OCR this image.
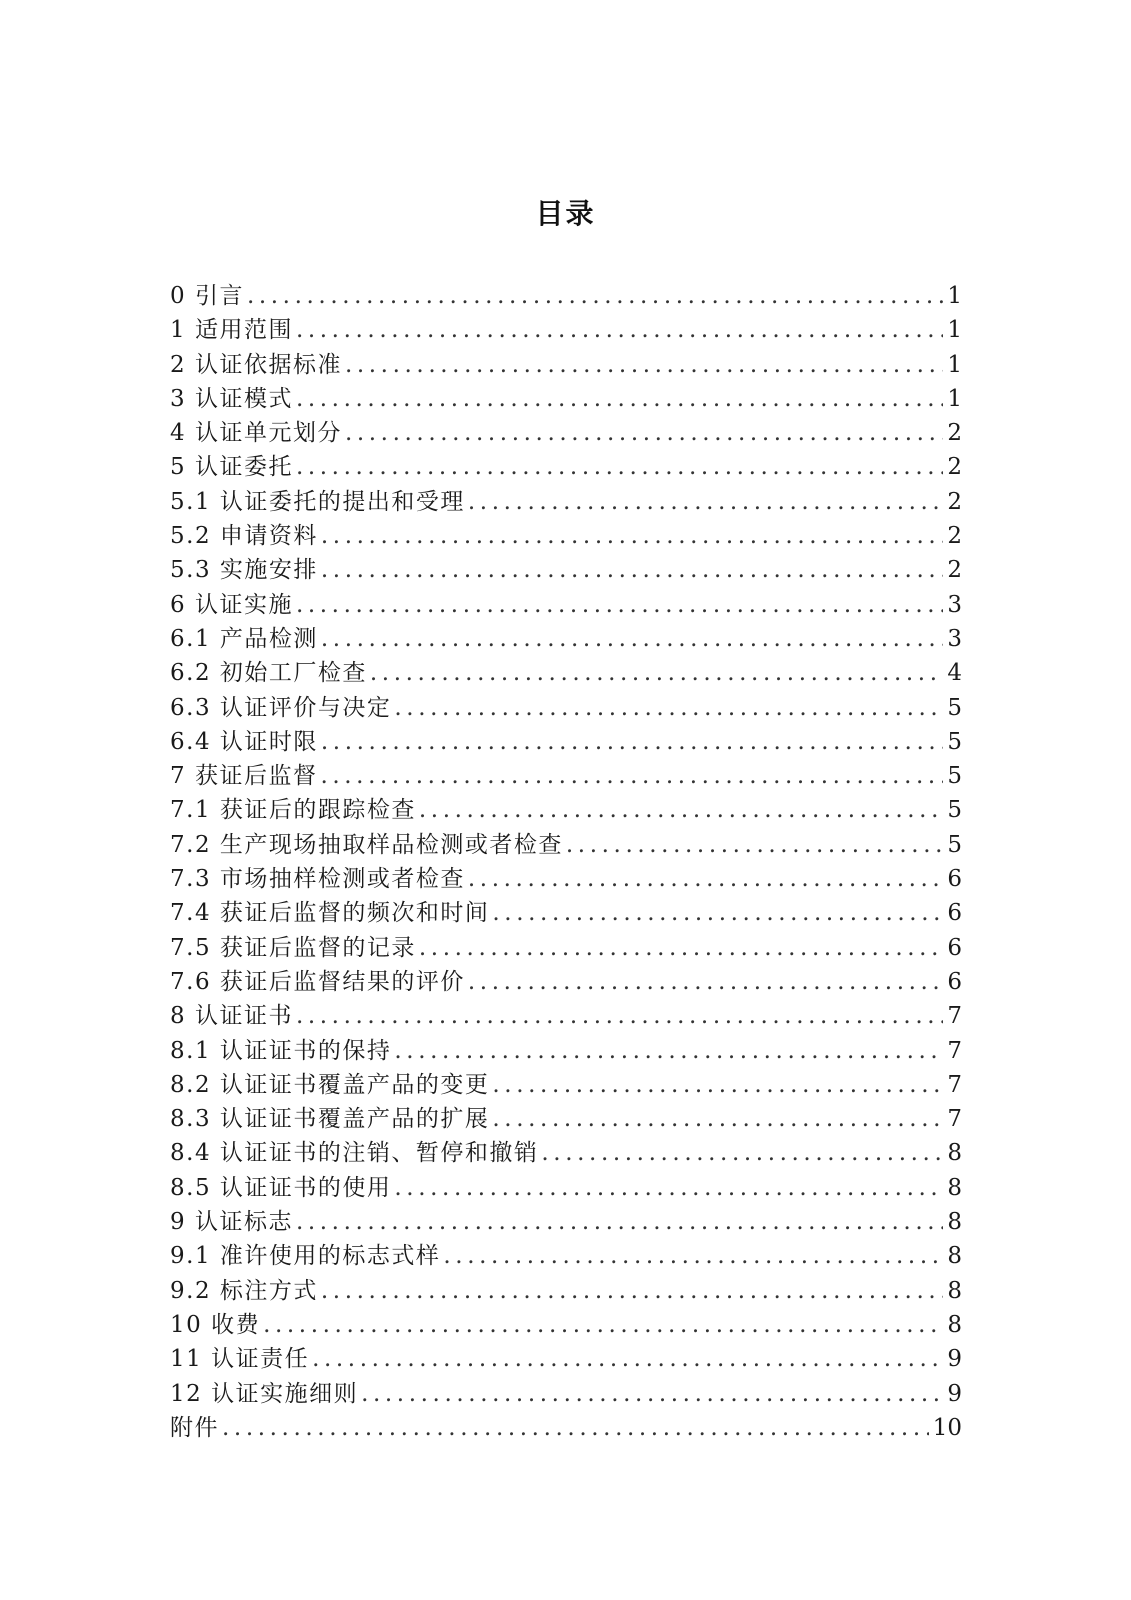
目录
0 引言 .....	1
1 适用范围 .....	1
2 认证依据标准 .....	1
3 认证模式 .....	1
4 认证单元划分 .....	2
5 认证委托 .....	2
5.1 认证委托的提出和受理 .....	2
5.2 申请资料 .....	2
5.3 实施安排 .....	2
6 认证实施 .....	3
6.1 产品检测 .....	3
6.2 初始工厂检查 .....	4
6.3 认证评价与决定 .....	5
6.4 认证时限 .....	5
7 获证后监督 .....	5
7.1 获证后的跟踪检查 .....	5
7.2 生产现场抽取样品检测或者检查 .....	5
7.3 市场抽样检测或者检查 .....	6
7.4 获证后监督的频次和时间 .....	6
7.5 获证后监督的记录 .....	6
7.6 获证后监督结果的评价 .....	6
8 认证证书 .....	7
8.1 认证证书的保持 .....	7
8.2 认证证书覆盖产品的变更 .....	7
8.3 认证证书覆盖产品的扩展 .....	7
8.4 认证证书的注销、暂停和撤销 .....	8
8.5 认证证书的使用 .....	8
9 认证标志 .....	8
9.1 准许使用的标志式样 .....	8
9.2 标注方式 .....	8
10 收费 .....	8
11 认证责任 .....	9
12 认证实施细则 .....	9
附件 .....	10
